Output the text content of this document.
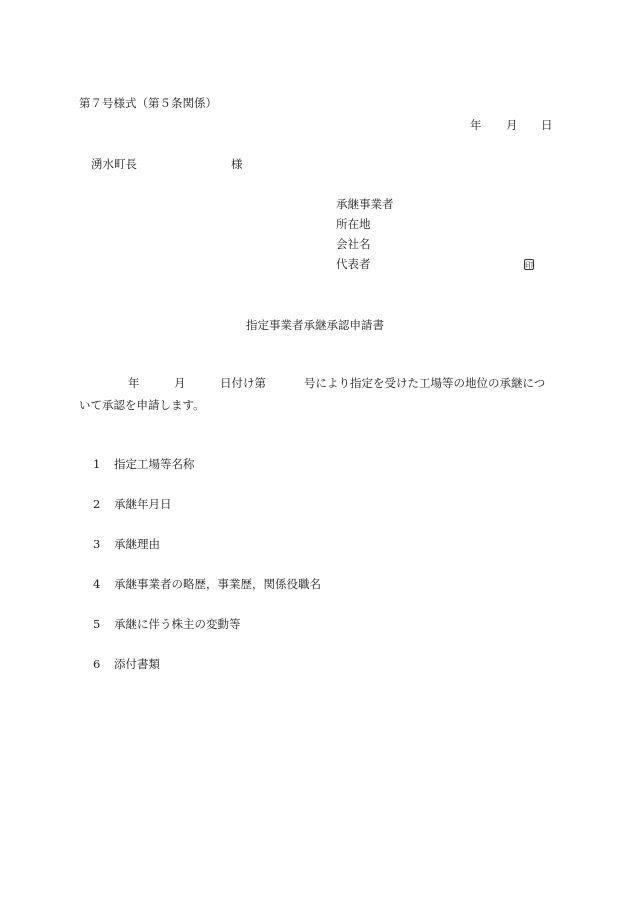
第７号様式（第５条関係）
年 月 日
湧水町長	様
承継事業者
所在地
会社名
代表者	印
指定事業者承継承認申請書
年	月	日付け第	号により指定を受けた工場等の地位の承継につ
いて承認を申請します。
1 指定工場等名称
2 承継年月日
3 承継理由
4 承継事業者の略歴，事業歴，関係役職名
5 承継に伴う株主の変動等
6 添付書類
